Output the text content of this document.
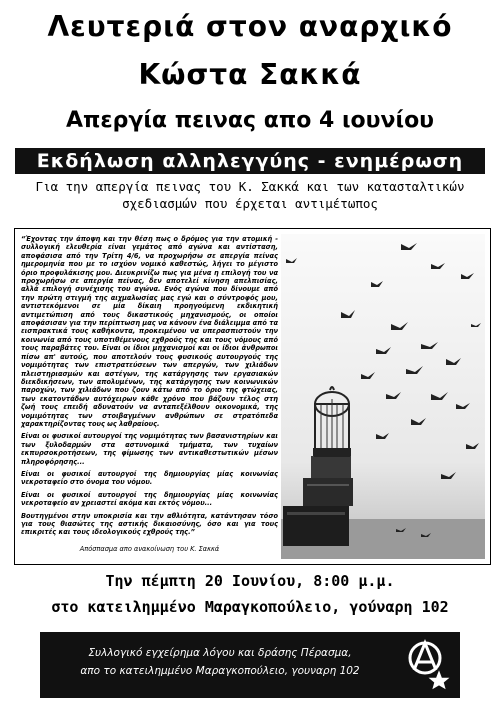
Λευτεριά στον αναρχικό
Κώστα Σακκά
Απεργία πεινας απο 4 ιουνίου
Εκδήλωση αλληλεγγύης - ενημέρωση
Για την απεργία πεινας του Κ. Σακκά και των κατασταλτικών σχεδιασμών που έρχεται αντιμέτωπος

“Έχοντας την άποψη και την θέση πως ο δρόμος για την ατομική - συλλογική ελευθερία είναι γεμάτος από αγώνα και αντίσταση, αποφάσισα από την Τρίτη 4/6, να προχωρήσω σε απεργία πείνας ημερομηνία που με το ισχύον νομικό καθεστώς, λήγει το μέγιστο όριο προφυλάκισης μου. Διευκρινίζω πως για μένα η επιλογή του να προχωρήσω σε απεργία πείνας, δεν αποτελεί κίνηση απελπισίας, αλλά επιλογή συνέχισης του αγώνα. Ενός αγώνα που δίνουμε από την πρώτη στιγμή της αιχμαλωσίας μας εγώ και ο σύντροφός μου, αντιστεκόμενοι σε μία δίκαιη προηγούμενη εκδικητική αντιμετώπιση από τους δικαστικούς μηχανισμούς, οι οποίοι αποφάσισαν για την περίπτωση μας να κάνουν ένα διάλειμμα από τα εισπρακτικά τους καθήκοντα, προκειμένου να υπερασπιστούν την κοινωνία από τους υποτιθέμενους εχθρούς της και τους νόμους από τους παραβάτες του. Είναι οι ίδιοι μηχανισμοί και οι ίδιοι άνθρωποι πίσω απ' αυτούς, που αποτελούν τους φυσικούς αυτουργούς της νομιμότητας των επιστρατεύσεων των απεργών, των χιλιάδων πλειστηριασμών και αστέγων, της κατάργησης των εργασιακών διεκδικήσεων, των απολυμένων, της κατάργησης των κοινωνικών παροχών, των χιλιάδων που ζουν κάτω από το όριο της φτώχειας, των εκατοντάδων αυτόχειρων κάθε χρόνο που βάζουν τέλος στη ζωή τους επειδή αδυνατούν να ανταπεξέλθουν οικονομικά, της νομιμότητας των στοιβαγμένων ανθρώπων σε στρατόπεδα χαρακτηρίζοντας τους ως λαθραίους.

Είναι οι φυσικοί αυτουργοί της νομιμότητας των βασανιστηρίων και των ξυλοδαρμών στα αστυνομικά τμήματα, των τυχαίων εκπυρσοκροτήσεων, της φίμωσης των αντικαθεστωτικών μέσων πληροφόρησης...

Είναι οι φυσικοί αυτουργοί της δημιουργίας μίας κοινωνίας νεκροταφείο στο όνομα του νόμου.

Είναι οι φυσικοί αυτουργοί της δημιουργίας μίας κοινωνίας νεκροταφείο αν χρειαστεί ακόμα και εκτός νόμου...

Βουτηγμένοι στην υποκρισία και την αθλιότητα, κατάντησαν τόσο για τους θιασώτες της αστικής δικαιοσύνης, όσο και για τους επικριτές και τους ιδεολογικούς εχθρούς της.”

Απόσπασμα απο ανακοίνωση του Κ. Σακκά

Την πέμπτη 20 Ιουνίου, 8:00 μ.μ.
στο κατειλημμένο Μαραγκοπούλειο, γούναρη 102
Συλλογικό εγχείρημα λόγου και δράσης Πέρασμα,
απο το κατειλημμένο Μαραγκοπούλειο, γουναρη 102
